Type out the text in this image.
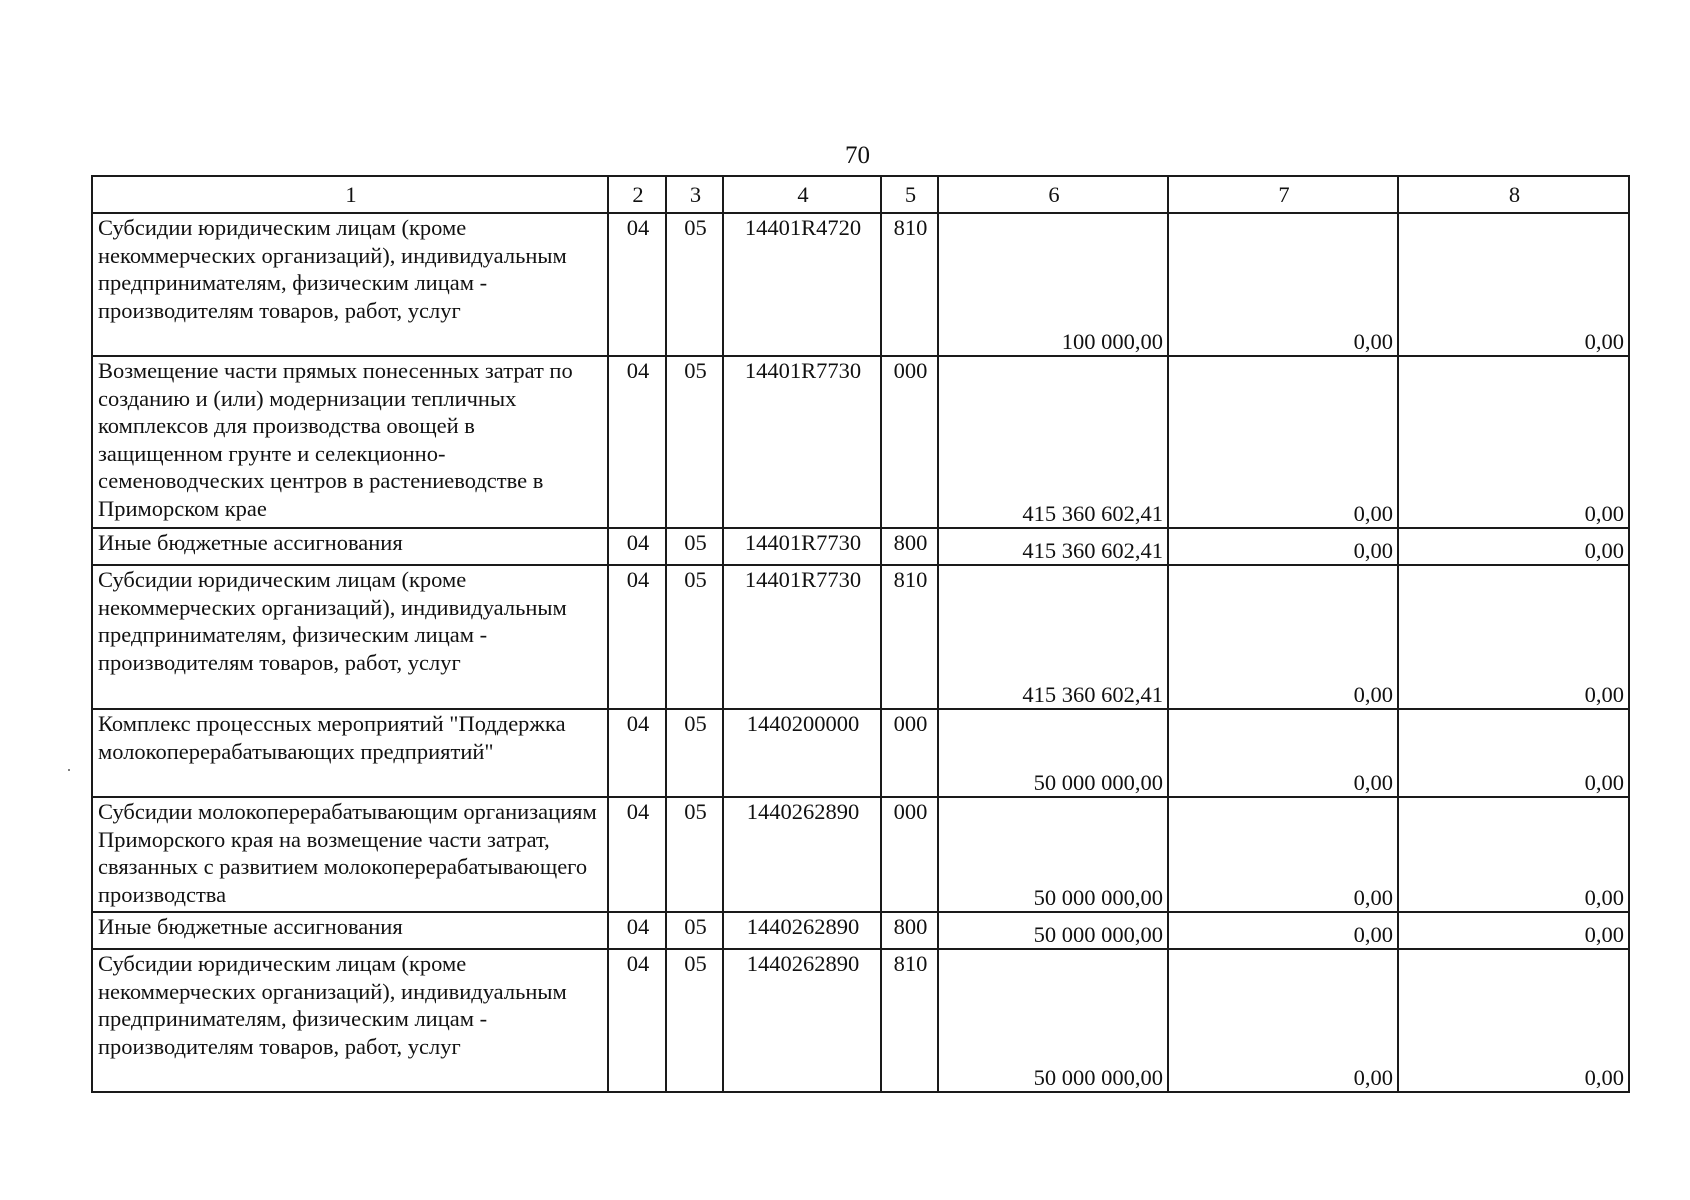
70
1	2	3	4	5	6	7	8
Субсидии юридическим лицам (кроме некоммерческих организаций), индивидуальным предпринимателям, физическим лицам - производителям товаров, работ, услуг	04	05	14401R4720	810	100 000,00	0,00	0,00
Возмещение части прямых понесенных затрат по созданию и (или) модернизации тепличных комплексов для производства овощей в защищенном грунте и селекционно-семеноводческих центров в растениеводстве в Приморском крае	04	05	14401R7730	000	415 360 602,41	0,00	0,00
Иные бюджетные ассигнования	04	05	14401R7730	800	415 360 602,41	0,00	0,00
Субсидии юридическим лицам (кроме некоммерческих организаций), индивидуальным предпринимателям, физическим лицам - производителям товаров, работ, услуг	04	05	14401R7730	810	415 360 602,41	0,00	0,00
Комплекс процессных мероприятий "Поддержка молокоперерабатывающих предприятий"	04	05	1440200000	000	50 000 000,00	0,00	0,00
Субсидии молокоперерабатывающим организациям Приморского края на возмещение части затрат, связанных с развитием молокоперерабатывающего производства	04	05	1440262890	000	50 000 000,00	0,00	0,00
Иные бюджетные ассигнования	04	05	1440262890	800	50 000 000,00	0,00	0,00
Субсидии юридическим лицам (кроме некоммерческих организаций), индивидуальным предпринимателям, физическим лицам - производителям товаров, работ, услуг	04	05	1440262890	810	50 000 000,00	0,00	0,00
